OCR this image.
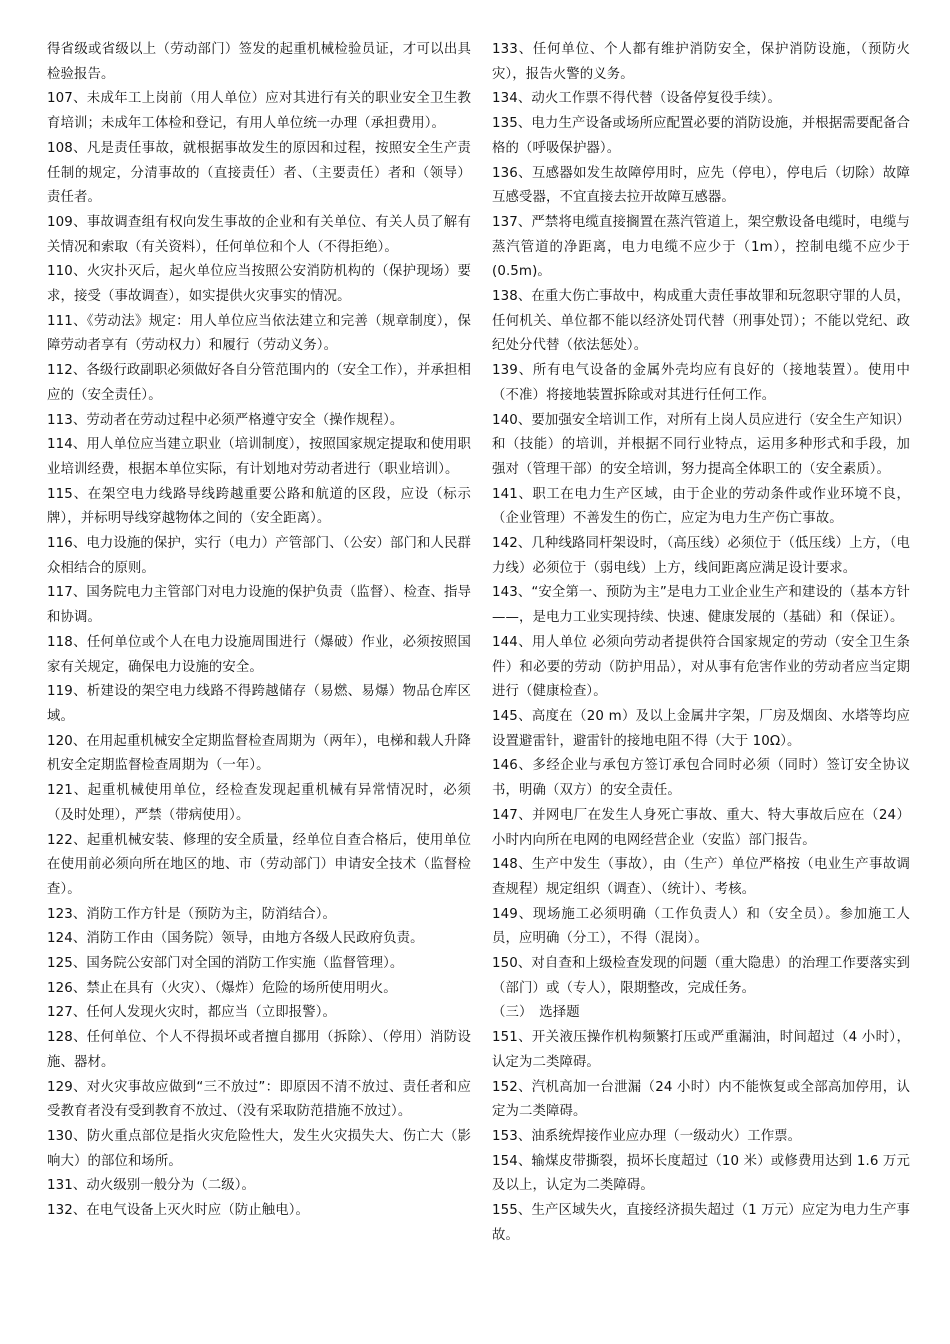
得省级或省级以上（劳动部门）签发的起重机械检验员证，才可以出具检验报告。

107、未成年工上岗前（用人单位）应对其进行有关的职业安全卫生教育培训；未成年工体检和登记，有用人单位统一办理（承担费用）。

108、凡是责任事故，就根据事故发生的原因和过程，按照安全生产责任制的规定，分清事故的（直接责任）者、（主要责任）者和（领导）责任者。

109、事故调查组有权向发生事故的企业和有关单位、有关人员了解有关情况和索取（有关资料），任何单位和个人（不得拒绝）。

110、火灾扑灭后，起火单位应当按照公安消防机构的（保护现场）要求，接受（事故调查），如实提供火灾事实的情况。

111、《劳动法》规定：用人单位应当依法建立和完善（规章制度），保障劳动者享有（劳动权力）和履行（劳动义务）。

112、各级行政副职必须做好各自分管范围内的（安全工作），并承担相应的（安全责任）。

113、劳动者在劳动过程中必须严格遵守安全（操作规程）。

114、用人单位应当建立职业（培训制度），按照国家规定提取和使用职业培训经费，根据本单位实际，有计划地对劳动者进行（职业培训）。

115、在架空电力线路导线跨越重要公路和航道的区段，应设（标示牌），并标明导线穿越物体之间的（安全距离）。

116、电力设施的保护，实行（电力）产管部门、（公安）部门和人民群众相结合的原则。

117、国务院电力主管部门对电力设施的保护负责（监督）、检查、指导和协调。

118、任何单位或个人在电力设施周围进行（爆破）作业，必须按照国家有关规定，确保电力设施的安全。

119、析建设的架空电力线路不得跨越储存（易燃、易爆）物品仓库区域。

120、在用起重机械安全定期监督检查周期为（两年），电梯和载人升降机安全定期监督检查周期为（一年）。

121、起重机械使用单位，经检查发现起重机械有异常情况时，必须（及时处理），严禁（带病使用）。

122、起重机械安装、修理的安全质量，经单位自查合格后，使用单位在使用前必须向所在地区的地、市（劳动部门）申请安全技术（监督检查）。

123、消防工作方针是（预防为主，防消结合）。

124、消防工作由（国务院）领导，由地方各级人民政府负责。

125、国务院公安部门对全国的消防工作实施（监督管理）。

126、禁止在具有（火灾）、（爆炸）危险的场所使用明火。

127、任何人发现火灾时，都应当（立即报警）。

128、任何单位、个人不得损坏或者擅自挪用（拆除）、（停用）消防设施、器材。

129、对火灾事故应做到“三不放过”：即原因不清不放过、责任者和应受教育者没有受到教育不放过、（没有采取防范措施不放过）。

130、防火重点部位是指火灾危险性大，发生火灾损失大、伤亡大（影响大）的部位和场所。

131、动火级别一般分为（二级）。

132、在电气设备上灭火时应（防止触电）。

133、任何单位、个人都有维护消防安全，保护消防设施，（预防火灾），报告火警的义务。

134、动火工作票不得代替（设备停复役手续）。

135、电力生产设备或场所应配置必要的消防设施，并根据需要配备合格的（呼吸保护器）。

136、互感器如发生故障停用时，应先（停电），停电后（切除）故障互感受器，不宜直接去拉开故障互感器。

137、严禁将电缆直接搁置在蒸汽管道上，架空敷设备电缆时，电缆与蒸汽管道的净距离，电力电缆不应少于（1m），控制电缆不应少于(0.5m)。

138、在重大伤亡事故中，构成重大责任事故罪和玩忽职守罪的人员，任何机关、单位都不能以经济处罚代替（刑事处罚）；不能以党纪、政纪处分代替（依法惩处）。

139、所有电气设备的金属外壳均应有良好的（接地装置）。使用中（不准）将接地装置拆除或对其进行任何工作。

140、要加强安全培训工作，对所有上岗人员应进行（安全生产知识）和（技能）的培训，并根据不同行业特点，运用多种形式和手段，加强对（管理干部）的安全培训，努力提高全体职工的（安全素质）。

141、职工在电力生产区域，由于企业的劳动条件或作业环境不良，（企业管理）不善发生的伤亡，应定为电力生产伤亡事故。

142、几种线路同杆架设时，（高压线）必须位于（低压线）上方，（电力线）必须位于（弱电线）上方，线间距离应满足设计要求。

143、“安全第一、预防为主”是电力工业企业生产和建设的（基本方针——，是电力工业实现持续、快速、健康发展的（基础）和（保证）。

144、用人单位 必须向劳动者提供符合国家规定的劳动（安全卫生条件）和必要的劳动（防护用品），对从事有危害作业的劳动者应当定期进行（健康检查）。

145、高度在（20 m）及以上金属井字架，厂房及烟囱、水塔等均应设置避雷针，避雷针的接地电阻不得（大于 10Ω）。

146、多经企业与承包方签订承包合同时必须（同时）签订安全协议书，明确（双方）的安全责任。

147、并网电厂在发生人身死亡事故、重大、特大事故后应在（24）小时内向所在电网的电网经营企业（安监）部门报告。

148、生产中发生（事故），由（生产）单位严格按（电业生产事故调查规程）规定组织（调查）、（统计）、考核。

149、现场施工必须明确（工作负责人）和（安全员）。参加施工人员，应明确（分工），不得（混岗）。

150、对自查和上级检查发现的问题（重大隐患）的治理工作要落实到（部门）或（专人），限期整改，完成任务。

（三）　选择题

151、开关液压操作机构频繁打压或严重漏油，时间超过（4 小时），认定为二类障碍。

152、汽机高加一台泄漏（24 小时）内不能恢复或全部高加停用，认定为二类障碍。

153、油系统焊接作业应办理（一级动火）工作票。

154、输煤皮带撕裂，损坏长度超过（10 米）或修费用达到 1.6 万元及以上，认定为二类障碍。

155、生产区域失火，直接经济损失超过（1 万元）应定为电力生产事故。
